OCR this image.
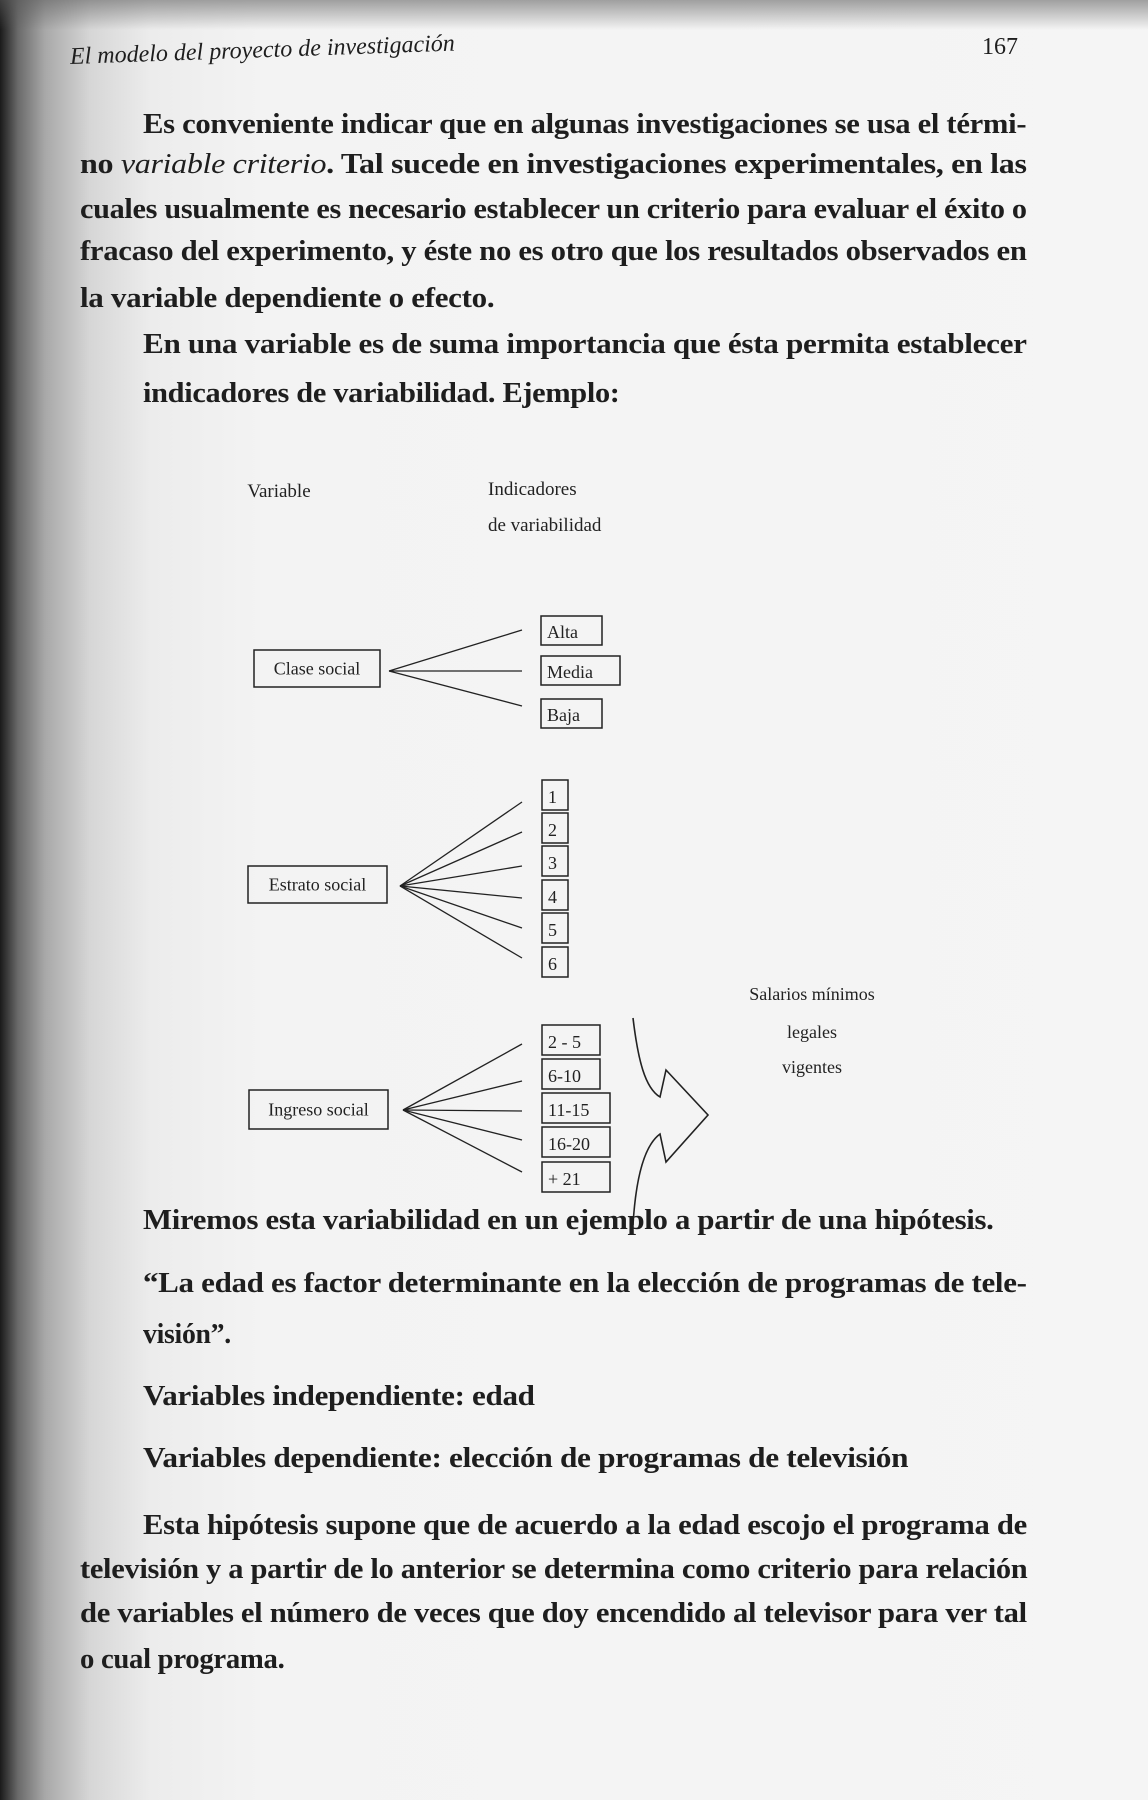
El modelo del proyecto de investigación	167
Es conveniente indicar que en algunas investigaciones se usa el térmi-
no variable criterio. Tal sucede en investigaciones experimentales, en las
cuales usualmente es necesario establecer un criterio para evaluar el éxito o
fracaso del experimento, y éste no es otro que los resultados observados en
la variable dependiente o efecto.
En una variable es de suma importancia que ésta permita establecer
indicadores de variabilidad. Ejemplo:
Variable	Indicadores
de variabilidad
Clase social
Alta
Media
Baja
Estrato social
1
2
3
4
5
6
Ingreso social
2 - 5
6-10
11-15
16-20
+ 21
Salarios mínimos
legales
vigentes
Miremos esta variabilidad en un ejemplo a partir de una hipótesis.
“La edad es factor determinante en la elección de programas de tele-
visión”.
Variables independiente: edad
Variables dependiente: elección de programas de televisión
Esta hipótesis supone que de acuerdo a la edad escojo el programa de
televisión y a partir de lo anterior se determina como criterio para relación
de variables el número de veces que doy encendido al televisor para ver tal
o cual programa.
